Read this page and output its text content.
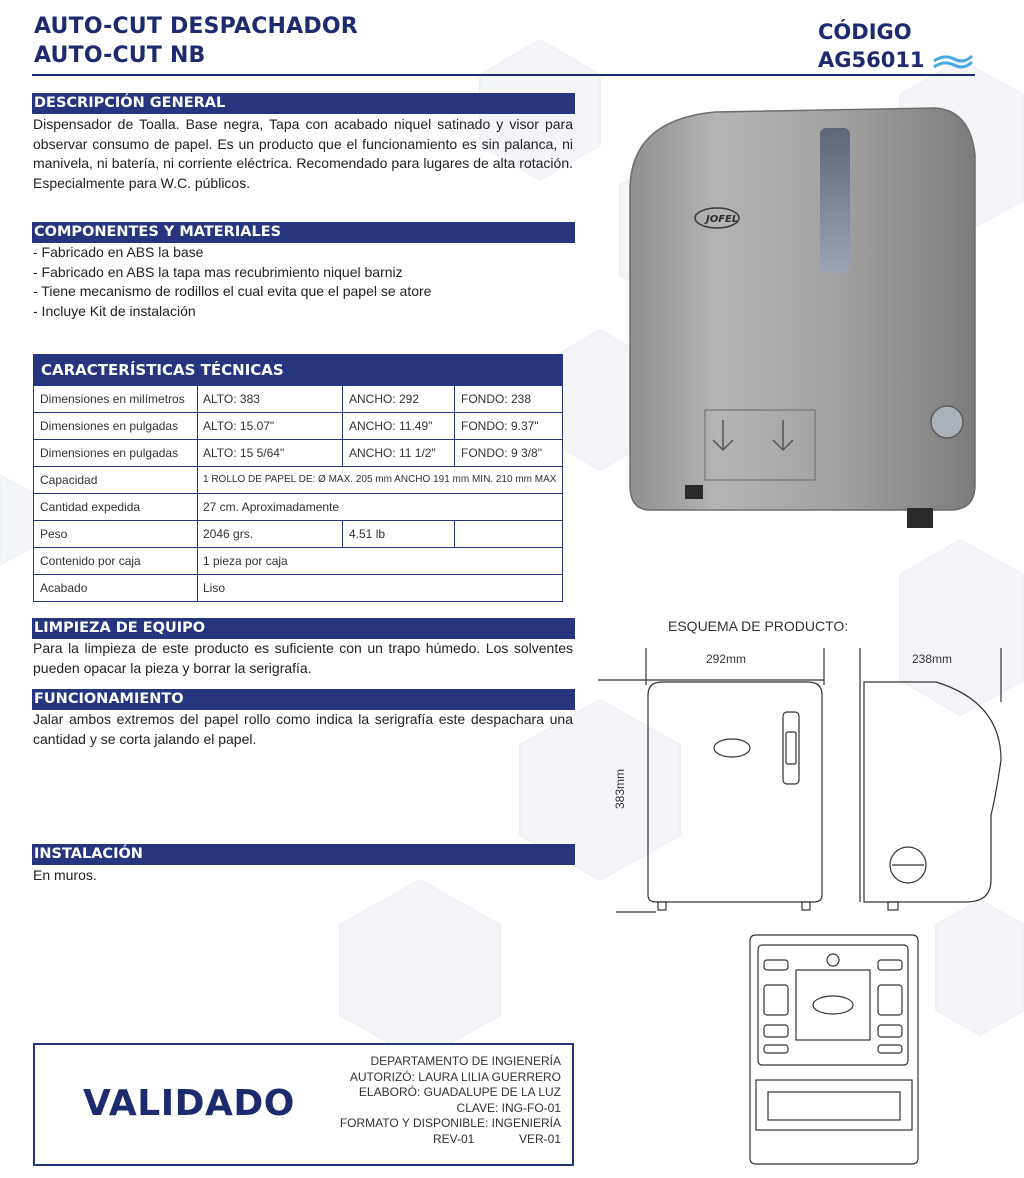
AUTO-CUT DESPACHADOR
AUTO-CUT NB
CÓDIGO
AG56011
DESCRIPCIÓN GENERAL
Dispensador de Toalla. Base negra, Tapa con acabado niquel satinado y visor para observar consumo de papel. Es un producto que el funcionamiento es sin palanca, ni manivela, ni batería, ni corriente eléctrica. Recomendado para lugares de alta rotación. Especialmente para W.C. públicos.
COMPONENTES Y MATERIALES
- Fabricado en ABS la base
- Fabricado en ABS la tapa mas recubrimiento niquel barniz
- Tiene mecanismo de rodillos el cual evita que el papel se atore
- Incluye Kit de instalación
CARACTERÍSTICAS TÉCNICAS
Dimensiones en milímetros	ALTO: 383	ANCHO: 292	FONDO: 238
Dimensiones en pulgadas	ALTO: 15.07"	ANCHO: 11.49"	FONDO: 9.37"
Dimensiones en pulgadas	ALTO: 15 5/64"	ANCHO: 11 1/2"	FONDO: 9 3/8"
Capacidad	1 ROLLO DE PAPEL DE: Ø MAX. 205 mm ANCHO 191 mm MIN. 210 mm MAX
Cantidad expedida	27 cm. Aproximadamente
Peso	2046 grs.	4.51 lb
Contenido por caja	1 pieza por caja
Acabado	Liso
LIMPIEZA DE EQUIPO
Para la limpieza de este producto es suficiente con un trapo húmedo. Los solventes pueden opacar la pieza y borrar la serigrafía.
FUNCIONAMIENTO
Jalar ambos extremos del papel rollo como indica la serigrafía este despachara una cantidad y se corta jalando el papel.
INSTALACIÓN
En muros.
JOFEL
ESQUEMA DE PRODUCTO:
292mm	238mm
383mm
VALIDADO
DEPARTAMENTO DE INGIENERÍA
AUTORIZÓ: LAURA LILIA GUERRERO
ELABORÓ: GUADALUPE DE LA LUZ
CLAVE: ING-FO-01
FORMATO Y DISPONIBLE: INGENIERÍA
REV-01	VER-01
